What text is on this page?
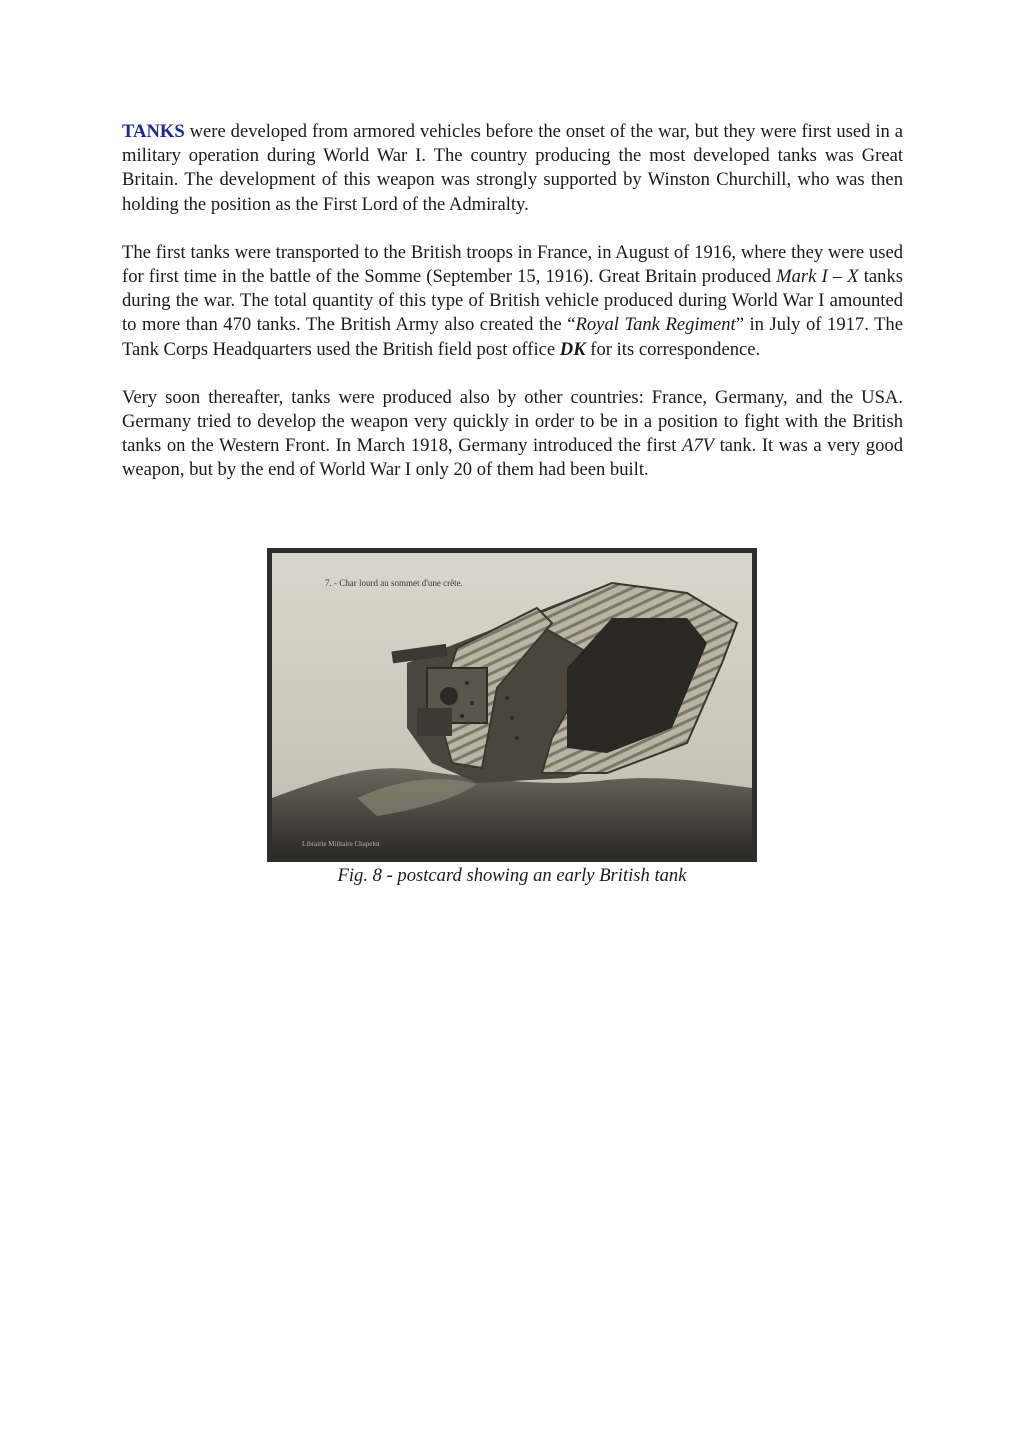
TANKS were developed from armored vehicles before the onset of the war, but they were first used in a military operation during World War I. The country producing the most developed tanks was Great Britain. The development of this weapon was strongly supported by Winston Churchill, who was then holding the position as the First Lord of the Admiralty.

The first tanks were transported to the British troops in France, in August of 1916, where they were used for first time in the battle of the Somme (September 15, 1916). Great Britain produced Mark I – X tanks during the war. The total quantity of this type of British vehicle produced during World War I amounted to more than 470 tanks. The British Army also created the “Royal Tank Regiment” in July of 1917. The Tank Corps Headquarters used the British field post office DK for its correspondence.

Very soon thereafter, tanks were produced also by other countries: France, Germany, and the USA. Germany tried to develop the weapon very quickly in order to be in a position to fight with the British tanks on the Western Front. In March 1918, Germany introduced the first A7V tank. It was a very good weapon, but by the end of World War I only 20 of them had been built.

7. - Char lourd au sommet d'une crête.
Librairie Militaire Chapelot
Fig. 8 - postcard showing an early British tank
